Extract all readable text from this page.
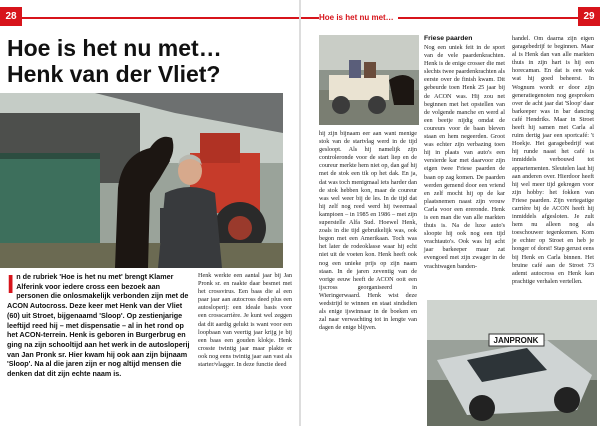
28
Hoe is het nu met…
Henk van der Vliet?
In de rubriek 'Hoe is het nu met' brengt Klamer Alferink voor iedere cross een bezoek aan personen die onlosmakelijk verbonden zijn met de ACON Autocross. Deze keer met Henk van der Vliet (60) uit Stroet, bijgenaamd 'Sloop'. Op zestienjarige leeftijd reed hij – met dispensatie – al in het rond op het ACON-terrein. Henk is geboren in Burgerbrug en ging na zijn schooltijd aan het werk in de autosloperij van Jan Pronk sr. Hier kwam hij ook aan zijn bijnaam 'Sloop'. Na al die jaren zijn er nog altijd mensen die denken dat dit zijn echte naam is.
Henk werkte een aantal jaar bij Jan Pronk sr. en raakte daar besmet met het crossvirus. Een baas die al een paar jaar aan autocross deed plus een autosloperij: een ideale basis voor een crosscarrière. Je kunt wel zeggen dat dit aardig gelukt is want voor een loopbaan van veertig jaar krijg je bij een baas een gouden klokje. Henk crosste twintig jaar maar plakte er ook nog eens twintig jaar aan vast als starter/vlagger. In deze functie deed
29
Hoe is het nu met…
hij zijn bijnaam eer aan want menige stok van de startvlag werd in de tijd gesloopt. Als hij namelijk zijn controleronde voor de start liep en de coureur merkte hem niet op, dan gaf hij met de stok een tik op het dak. En ja, dat was toch menigmaal iets harder dan de stok hebben kon, maar de coureur was wel weer bij de les. In de tijd dat hij zelf nog reed werd hij tweemaal kampioen – in 1985 en 1986 – met zijn superstelle Alfa Sud. Hoewel Henk, zoals in die tijd gebruikelijk was, ook begon met een Amerikaan. Toch was het later de rodeoklasse waar hij echt niet uit de voeten kon. Henk heeft ook nog een unieke prijs op zijn naam staan. In de jaren zeventig van de vorige eeuw heeft de ACON ooit een ijscross georganiseerd in Wieringerwaard. Henk wist deze wedstrijd te winnen en staat sindsdien als enige ijswinnaar in de boeken en zal naar verwachting tot in lengte van dagen de enige blijven.
Friese paarden
Nog een uniek feit in de sport van de vele paardenkrachten. Henk is de enige crosser die met slechts twee paardenkrachten als eerste over de finish kwam. Dit gebeurde toen Henk 25 jaar bij de ACON was. Hij zou net beginnen met het opstellen van de volgende manche en werd al een beetje nijdig omdat de coureurs voor de baan bleven staan en hem negeerden. Groot was echter zijn verbazing toen hij in plaats van auto's een versierde kar met daarvoor zijn eigen twee Friese paarden de baan op zag komen. De paarden werden gemend door een vriend en zelf mocht hij op de kar plaatsnemen naast zijn vrouw Carla voor een ereronde. Henk is een man die van alle markten thuis is. Na de luxe auto's sloopte hij ook nog een tijd vrachtauto's. Ook was hij acht jaar barkeeper maar zat evengoed met zijn zwager in de vrachtwagen banden-
handel. Om daarna zijn eigen garagebedrijf te beginnen. Maar al is Henk dan van alle markten thuis in zijn hart is hij een horecaman. En dat is een vak wat hij goed beheerst. In Wognum wordt er door zijn generatiegenoten nog gesproken over de acht jaar dat 'Sloop' daar barkeeper was in bar dancing café Hendriks. Maar in Stroet heeft hij samen met Carla al ruim dertig jaar een sportcafé: 't Hoekje. Het garagebedrijf wat hij runde naast het café is inmiddels verbouwd tot appartementen. Sleutelen laat hij aan anderen over. Hierdoor heeft hij wel meer tijd gekregen voor zijn hobby: het fokken van Friese paarden. Zijn vertegatige carrière bij de ACON heeft hij inmiddels afgesloten. Je zult hem nu alleen nog als toeschouwer tegenkomen. Kom je echter op Stroet en heb je honger of dorst! Stap gerust eens bij Henk en Carla binnen. Het bruine café aan de Stroet 73 ademt autocross en Henk kan prachtige verhalen vertellen.
JANPRONK
